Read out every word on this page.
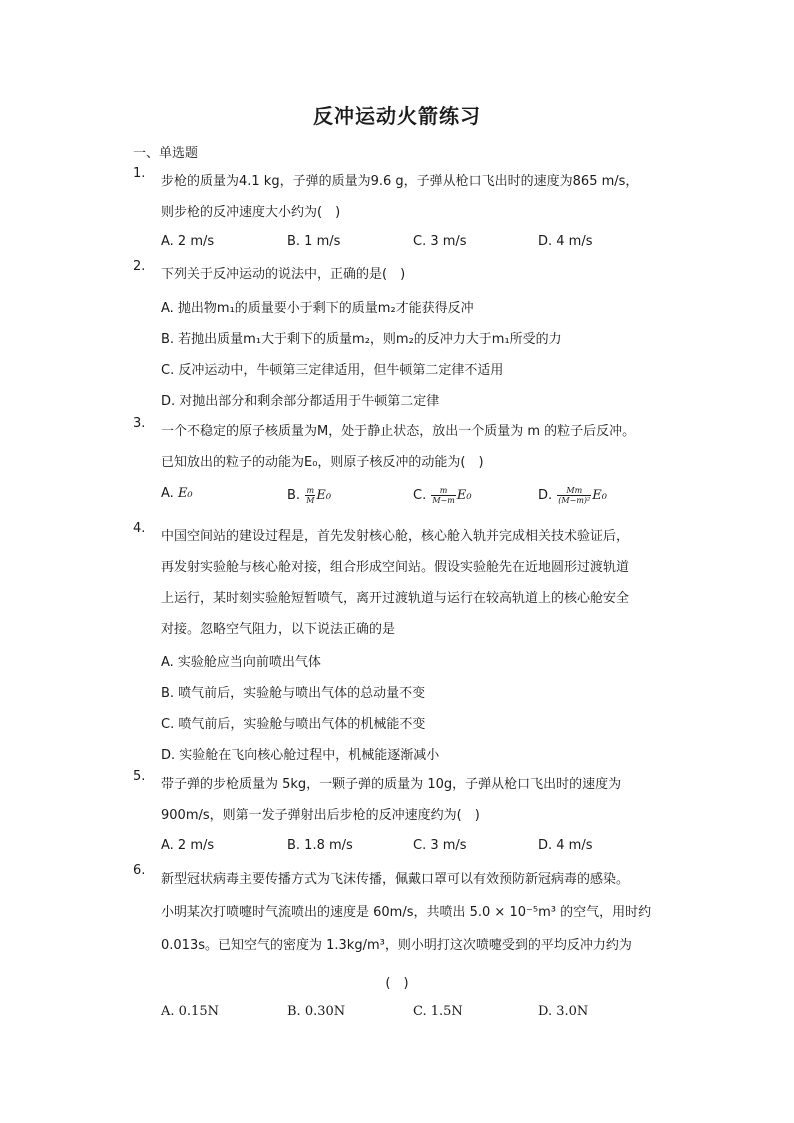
反冲运动火箭练习
一、单选题
1.
步枪的质量为4.1 kg，子弹的质量为9.6 g，子弹从枪口飞出时的速度为865 m/s，
则步枪的反冲速度大小约为(　)
A. 2 m/s	B. 1 m/s	C. 3 m/s	D. 4 m/s
2.
下列关于反冲运动的说法中，正确的是(　)
A. 抛出物m₁的质量要小于剩下的质量m₂才能获得反冲
B. 若抛出质量m₁大于剩下的质量m₂，则m₂的反冲力大于m₁所受的力
C. 反冲运动中，牛顿第三定律适用，但牛顿第二定律不适用
D. 对抛出部分和剩余部分都适用于牛顿第二定律
3.
一个不稳定的原子核质量为M，处于静止状态，放出一个质量为 m 的粒子后反冲。
已知放出的粒子的动能为E₀，则原子核反冲的动能为(　)
A. E₀	B. $\frac{m}{M} E_0$	C. $\frac{m}{M-m} E_0$	D. $\frac{Mm}{\text{(M−m)²}} E_0$
4.
中国空间站的建设过程是，首先发射核心舱，核心舱入轨并完成相关技术验证后，
再发射实验舱与核心舱对接，组合形成空间站。假设实验舱先在近地圆形过渡轨道
上运行，某时刻实验舱短暂喷气，离开过渡轨道与运行在较高轨道上的核心舱安全
对接。忽略空气阻力，以下说法正确的是
A. 实验舱应当向前喷出气体
B. 喷气前后，实验舱与喷出气体的总动量不变
C. 喷气前后，实验舱与喷出气体的机械能不变
D. 实验舱在飞向核心舱过程中，机械能逐渐减小
5.
带子弹的步枪质量为 5kg，一颗子弹的质量为 10g，子弹从枪口飞出时的速度为
900m/s，则第一发子弹射出后步枪的反冲速度约为(　)
A. 2 m/s	B. 1.8 m/s	C. 3 m/s	D. 4 m/s
6.
新型冠状病毒主要传播方式为飞沫传播，佩戴口罩可以有效预防新冠病毒的感染。
小明某次打喷嚏时气流喷出的速度是 60m/s，共喷出 5.0 × 10⁻⁵m³ 的空气，用时约
0.013s。已知空气的密度为 1.3kg/m³，则小明打这次喷嚏受到的平均反冲力约为
(　)
A. 0.15N	B. 0.30N	C. 1.5N	D. 3.0N
